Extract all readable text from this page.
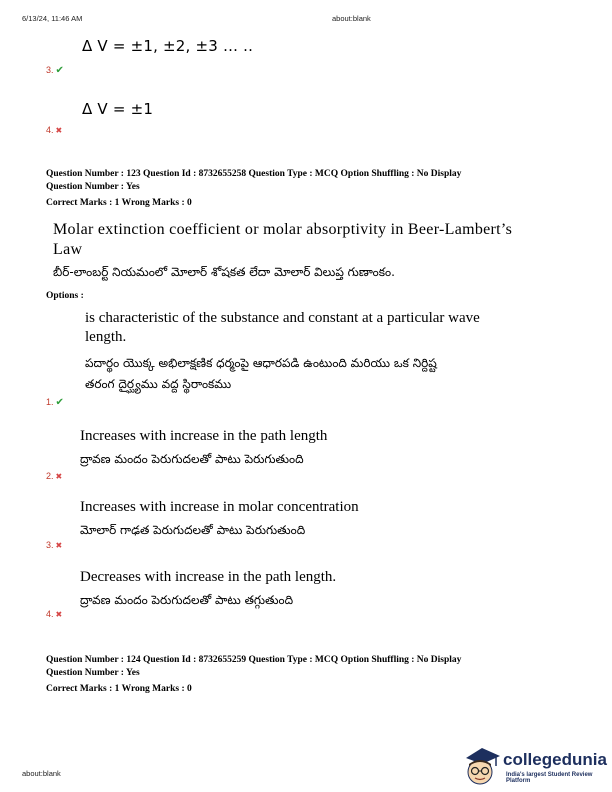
6/13/24, 11:46 AM	about:blank
Δ V = ±1, ±2, ±3 … ..
3. ✔
Δ V = ±1
4. ✖
Question Number : 123 Question Id : 8732655258 Question Type : MCQ Option Shuffling : No Display
Question Number : Yes
Correct Marks : 1 Wrong Marks : 0
Molar extinction coefficient or molar absorptivity in Beer-Lambert’s
Law
బీర్-లాంబర్ట్ నియమంలో మోలార్ శోషకత లేదా మోలార్ విలుప్త గుణాంకం.
Options :
is characteristic of the substance and constant at a particular wave
length.
పదార్థం యొక్క అభిలాక్షణిక ధర్మంపై ఆధారపడి ఉంటుంది మరియు ఒక నిర్దిష్ట
తరంగ దైర్ఘ్యము వద్ద స్థిరాంకము
1. ✔
Increases with increase in the path length
ద్రావణ మందం పెరుగుదలతో పాటు పెరుగుతుంది
2. ✖
Increases with increase in molar concentration
మోలార్ గాఢత పెరుగుదలతో పాటు పెరుగుతుంది
3. ✖
Decreases with increase in the path length.
ద్రావణ మందం పెరుగుదలతో పాటు తగ్గుతుంది
4. ✖
Question Number : 124 Question Id : 8732655259 Question Type : MCQ Option Shuffling : No Display
Question Number : Yes
Correct Marks : 1 Wrong Marks : 0
about:blank
collegedunia
India's largest Student Review Platform
